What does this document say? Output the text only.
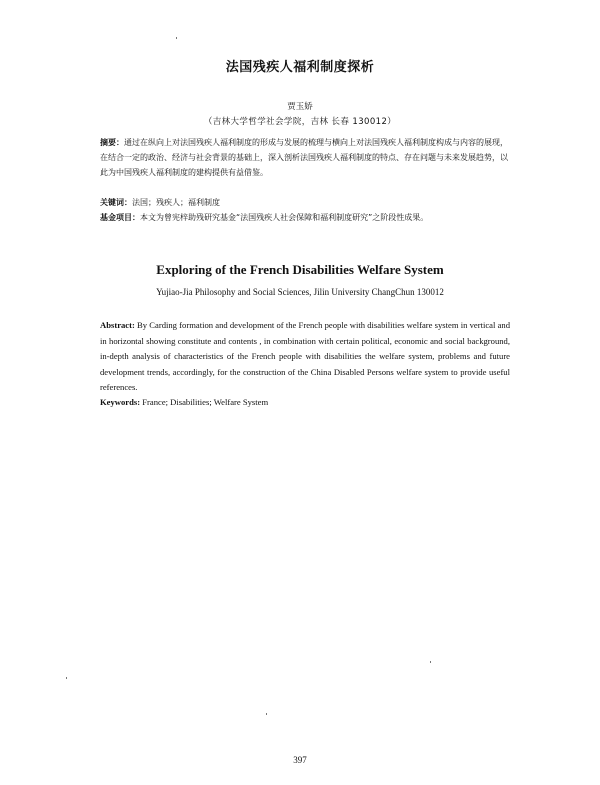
法国残疾人福利制度探析
贾玉娇
（吉林大学哲学社会学院，吉林 长春 130012）
摘要：通过在纵向上对法国残疾人福利制度的形成与发展的梳理与横向上对法国残疾人福利制度构成与内容的展现，在结合一定的政治、经济与社会背景的基础上，深入剖析法国残疾人福利制度的特点、存在问题与未来发展趋势，以此为中国残疾人福利制度的建构提供有益借鉴。
关键词：法国；残疾人；福利制度
基金项目：本文为曾宪梓助残研究基金“法国残疾人社会保障和福利制度研究”之阶段性成果。
Exploring of the French Disabilities Welfare System
Yujiao-Jia Philosophy and Social Sciences, Jilin University ChangChun 130012
Abstract: By Carding formation and development of the French people with disabilities welfare system in vertical and in horizontal showing constitute and contents , in combination with certain political, economic and social background, in-depth analysis of characteristics of the French people with disabilities the welfare system, problems and future development trends, accordingly, for the construction of the China Disabled Persons welfare system to provide useful references.
Keywords: France; Disabilities; Welfare System
397
